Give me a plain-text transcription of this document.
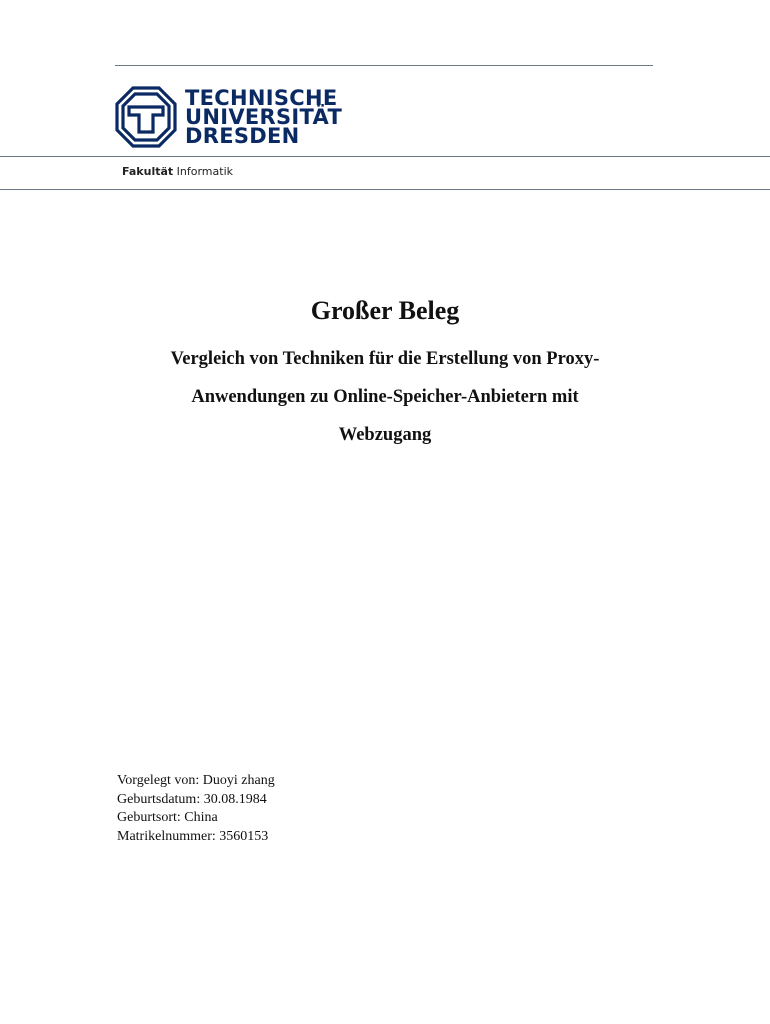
TECHNISCHE
UNIVERSITÄT
DRESDEN
Fakultät Informatik
Großer Beleg
Vergleich von Techniken für die Erstellung von Proxy-
Anwendungen zu Online-Speicher-Anbietern mit
Webzugang
Vorgelegt von: Duoyi zhang
Geburtsdatum: 30.08.1984
Geburtsort: China
Matrikelnummer: 3560153
